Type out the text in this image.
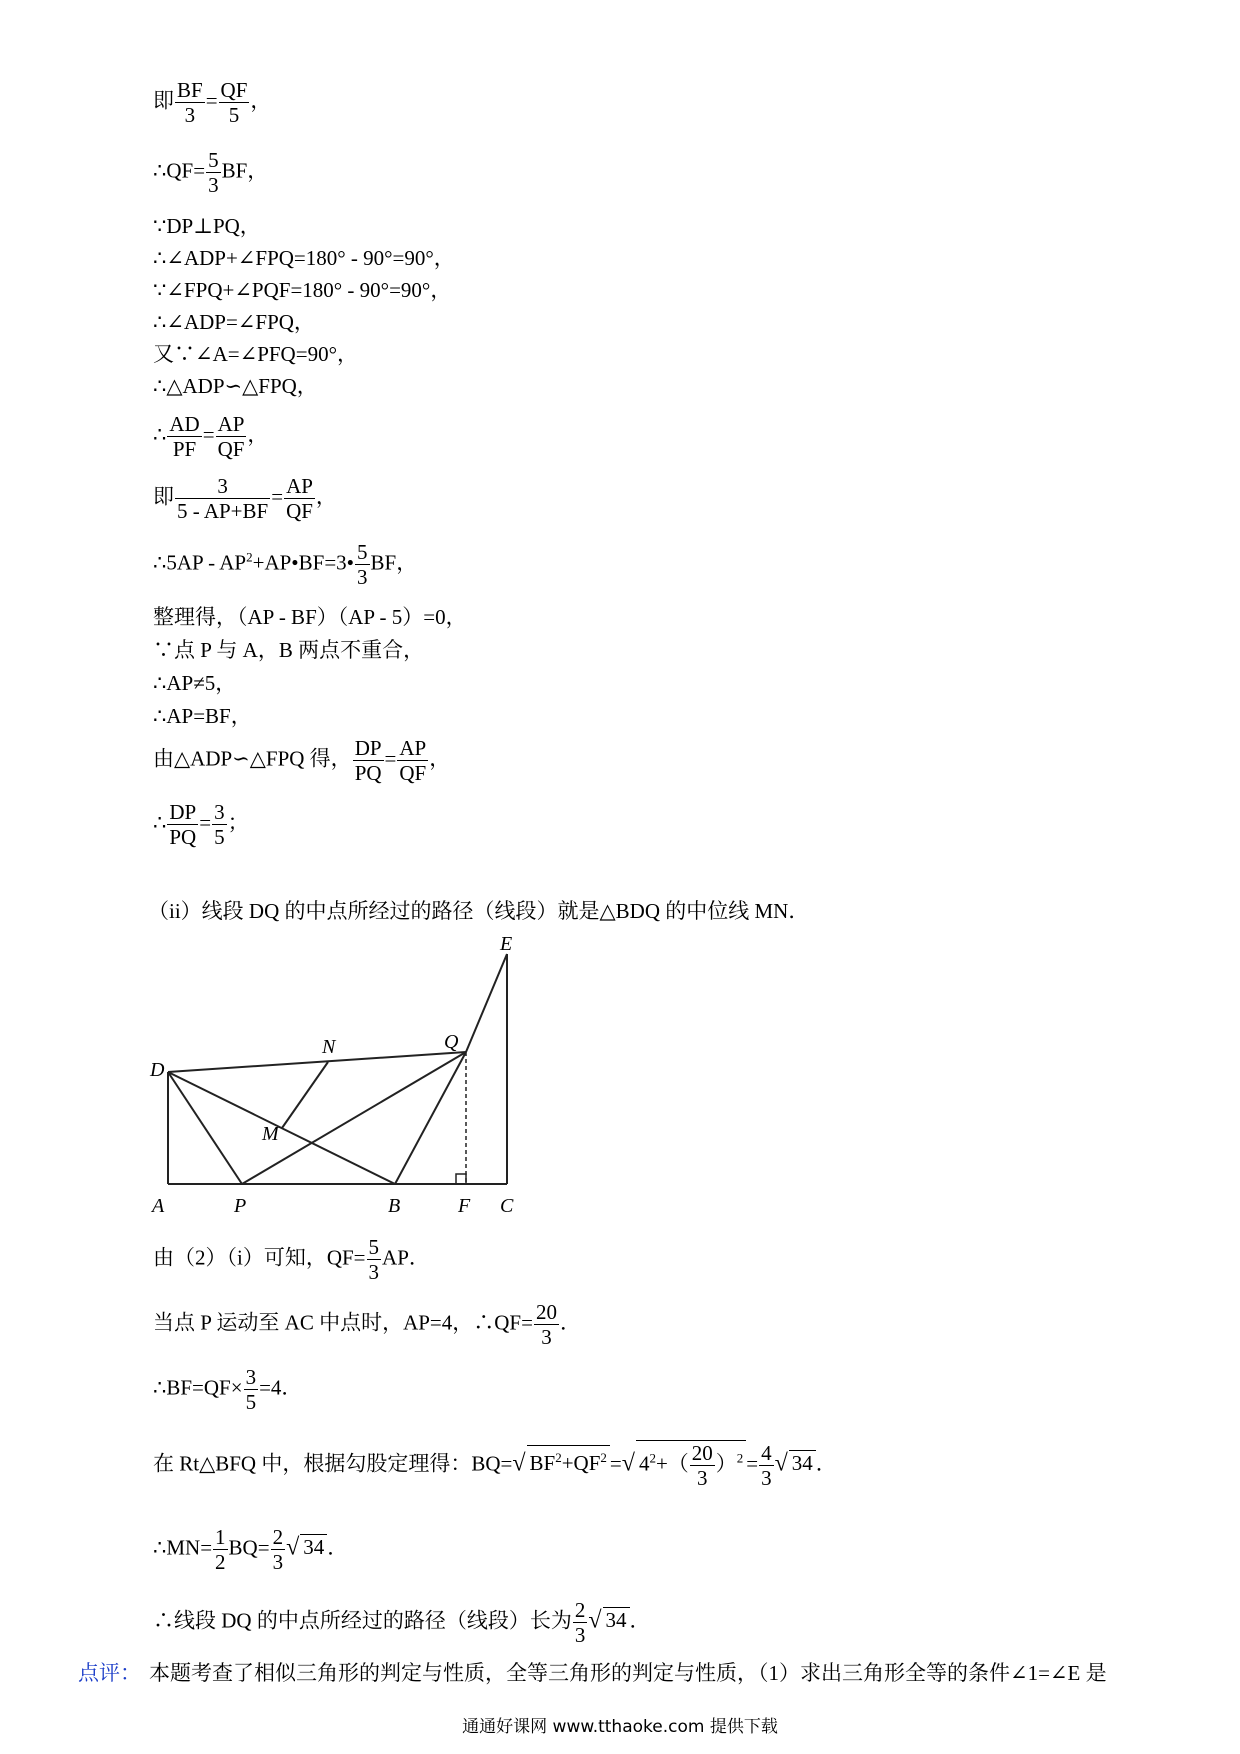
即 $\frac{BF}{3} = \frac{QF}{5}$ ，
∴QF= $\frac{5}{3}$ BF，
∵DP⊥PQ，
∴∠ADP+∠FPQ=180° - 90°=90°，
∵∠FPQ+∠PQF=180° - 90°=90°，
∴∠ADP=∠FPQ，
又∵∠A=∠PFQ=90°，
∴△ADP∽△FPQ，
∴ $\frac{AD}{PF} = \frac{AP}{QF}$ ，
即 $\frac{3}{5 - AP+BF} = \frac{AP}{QF}$ ，
∴5AP - $AP^2+AP•BF=3• \frac{5}{3}$ BF，
整理得，（AP - BF）（AP - 5）=0，
∵点 P 与 A，B 两点不重合，
∴AP≠5，
∴AP=BF，
由△ADP∽△FPQ 得， $\frac{DP}{PQ} = \frac{AP}{QF}$ ，
∴ $\frac{DP}{PQ} = \frac{3}{5}$ ；
（ii）线段 DQ 的中点所经过的路径（线段）就是△BDQ 的中位线 MN．
D
A	P	B	F C
N	Q
M
E
由（2）（i）可知，$QF= \frac{5}{3}$ AP．
当点 P 运动至 AC 中点时，AP=4，∴QF= $\frac{20}{3}$ ．
∴BF=QF× $\frac{3}{5} =4$．
在 Rt△BFQ 中，根据勾股定理得：BQ=√ $BF^2+QF^2$ =√ $4^2+( \frac{20}{3} )^2 = \frac{4}{3}$ √ 34 ．
∴MN= $\frac{1}{2} BQ= \frac{2}{3}$ √ 34 ．
∴线段 DQ 的中点所经过的路径（线段）长为 $\frac{2}{3}$ √ 34 ．
点评： 本题考查了相似三角形的判定与性质，全等三角形的判定与性质，（1）求出三角形全等的条件∠1=∠E 是
通通好课网 www.tthaoke.com 提供下载
